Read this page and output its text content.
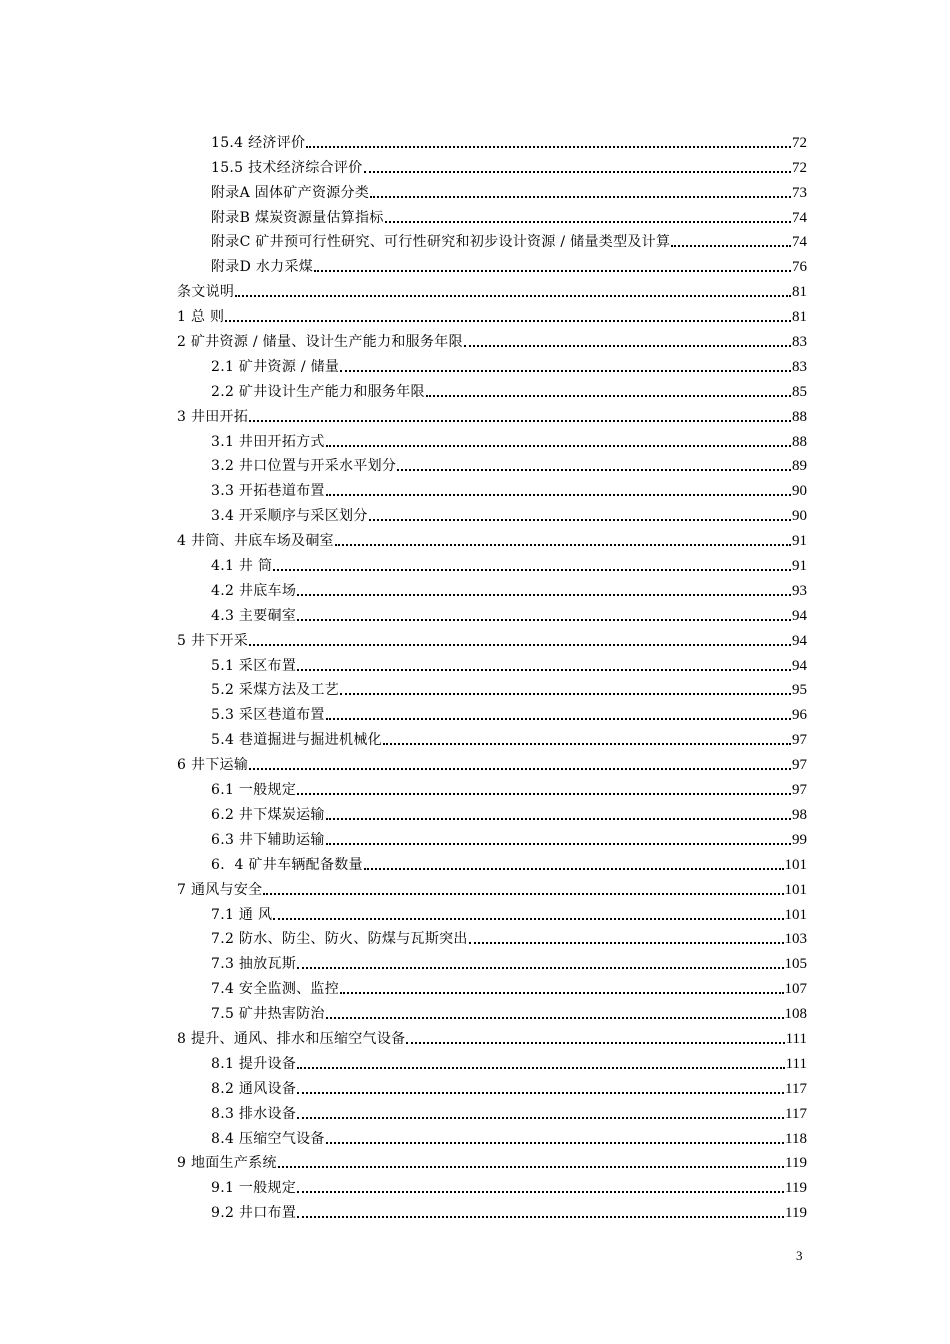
15.4 经济评价	72
15.5 技术经济综合评价	72
附录A 固体矿产资源分类	73
附录B 煤炭资源量估算指标	74
附录C 矿井预可行性研究、可行性研究和初步设计资源 / 储量类型及计算	74
附录D 水力采煤	76
条文说明	81
1 总 则	81
2 矿井资源 / 储量、设计生产能力和服务年限	83
2.1 矿井资源 / 储量	83
2.2 矿井设计生产能力和服务年限	85
3 井田开拓	88
3.1 井田开拓方式	88
3.2 井口位置与开采水平划分	89
3.3 开拓巷道布置	90
3.4 开采顺序与采区划分	90
4 井筒、井底车场及硐室	91
4.1 井 筒	91
4.2 井底车场	93
4.3 主要硐室	94
5 井下开采	94
5.1 采区布置	94
5.2 采煤方法及工艺	95
5.3 采区巷道布置	96
5.4 巷道掘进与掘进机械化	97
6 井下运输	97
6.1 一般规定	97
6.2 井下煤炭运输	98
6.3 井下辅助运输	99
6．4 矿井车辆配备数量	101
7 通风与安全	101
7.1 通 风	101
7.2 防水、防尘、防火、防煤与瓦斯突出	103
7.3 抽放瓦斯	105
7.4 安全监测、监控	107
7.5 矿井热害防治	108
8 提升、通风、排水和压缩空气设备	111
8.1 提升设备	111
8.2 通风设备	117
8.3 排水设备	117
8.4 压缩空气设备	118
9 地面生产系统	119
9.1 一般规定	119
9.2 井口布置	119
3
